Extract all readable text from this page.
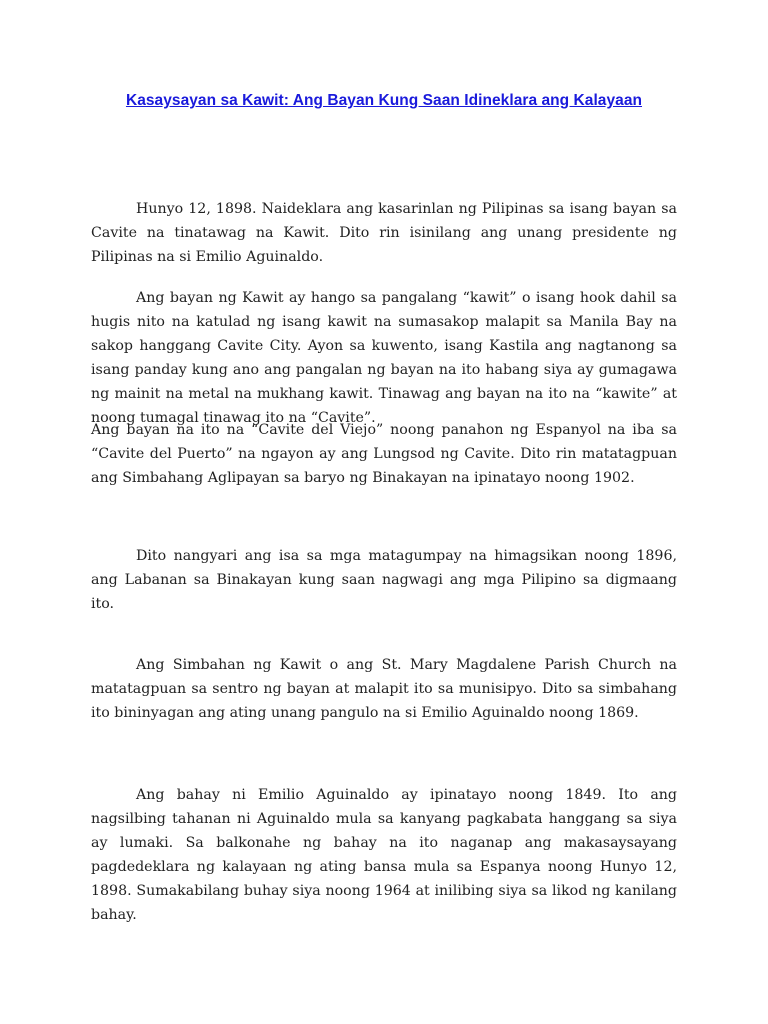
Kasaysayan sa Kawit: Ang Bayan Kung Saan Idineklara ang Kalayaan

Hunyo 12, 1898. Naideklara ang kasarinlan ng Pilipinas sa isang bayan sa Cavite na tinatawag na Kawit. Dito rin isinilang ang unang presidente ng Pilipinas na si Emilio Aguinaldo.

Ang bayan ng Kawit ay hango sa pangalang “kawit” o isang hook dahil sa hugis nito na katulad ng isang kawit na sumasakop malapit sa Manila Bay na sakop hanggang Cavite City. Ayon sa kuwento, isang Kastila ang nagtanong sa isang panday kung ano ang pangalan ng bayan na ito habang siya ay gumagawa ng mainit na metal na mukhang kawit. Tinawag ang bayan na ito na “kawite” at noong tumagal tinawag ito na “Cavite”.

Ang bayan na ito na “Cavite del Viejo” noong panahon ng Espanyol na iba sa “Cavite del Puerto” na ngayon ay ang Lungsod ng Cavite. Dito rin matatagpuan ang Simbahang Aglipayan sa baryo ng Binakayan na ipinatayo noong 1902.

Dito nangyari ang isa sa mga matagumpay na himagsikan noong 1896, ang Labanan sa Binakayan kung saan nagwagi ang mga Pilipino sa digmaang ito.

Ang Simbahan ng Kawit o ang St. Mary Magdalene Parish Church na matatagpuan sa sentro ng bayan at malapit ito sa munisipyo. Dito sa simbahang ito bininyagan ang ating unang pangulo na si Emilio Aguinaldo noong 1869.

Ang bahay ni Emilio Aguinaldo ay ipinatayo noong 1849. Ito ang nagsilbing tahanan ni Aguinaldo mula sa kanyang pagkabata hanggang sa siya ay lumaki. Sa balkonahe ng bahay na ito naganap ang makasaysayang pagdedeklara ng kalayaan ng ating bansa mula sa Espanya noong Hunyo 12, 1898. Sumakabilang buhay siya noong 1964 at inilibing siya sa likod ng kanilang bahay.
